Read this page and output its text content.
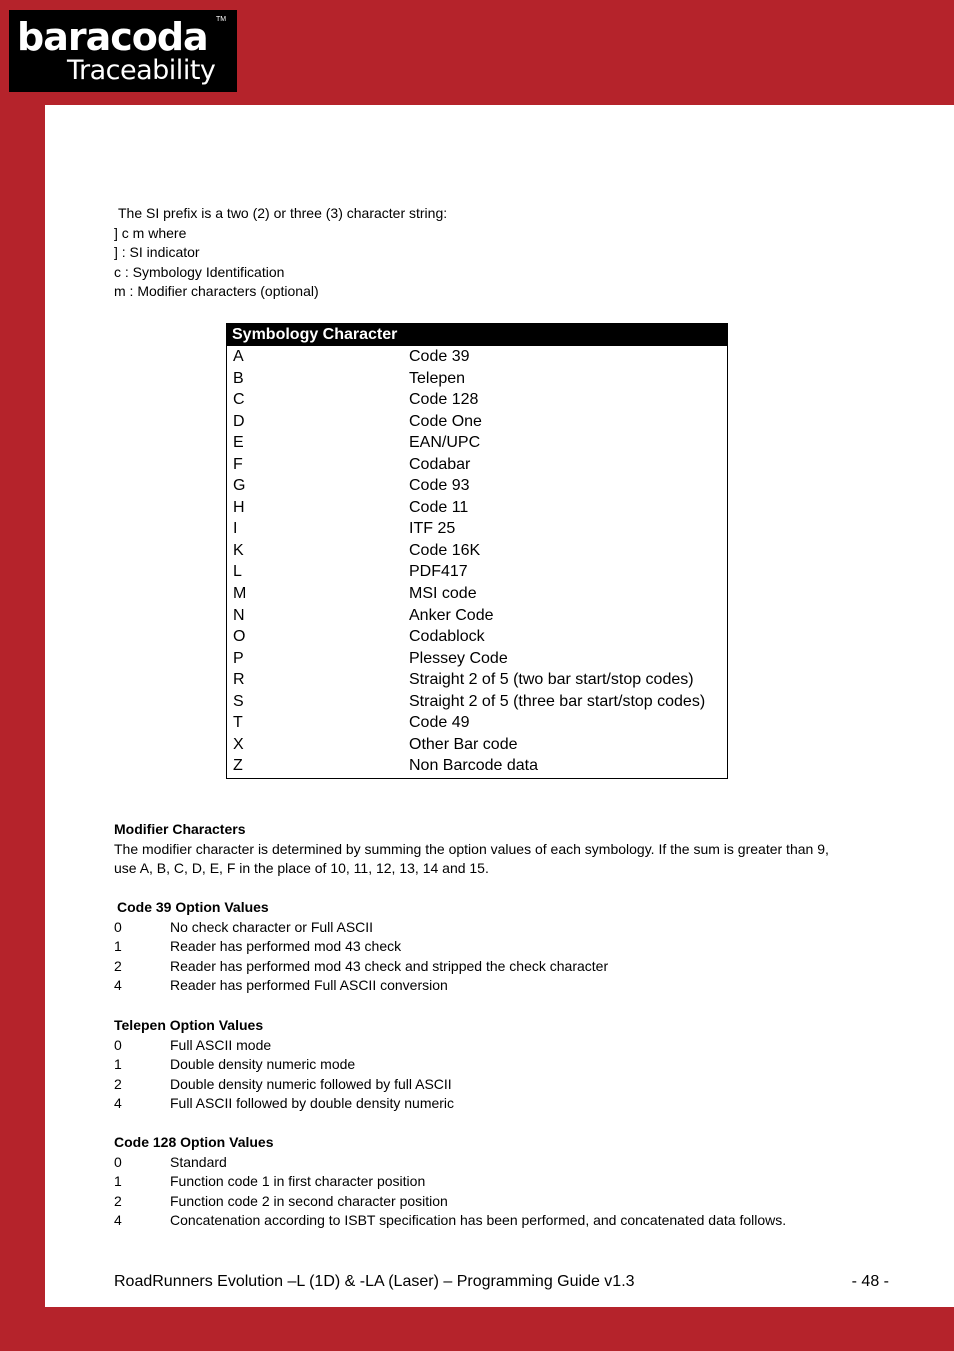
baracoda TM
Traceability
The SI prefix is a two (2) or three (3) character string:
] c m where
] : SI indicator
c : Symbology Identification
m : Modifier characters (optional)
Symbology Character
A	Code 39
B	Telepen
C	Code 128
D	Code One
E	EAN/UPC
F	Codabar
G	Code 93
H	Code 11
I	ITF 25
K	Code 16K
L	PDF417
M	MSI code
N	Anker Code
O	Codablock
P	Plessey Code
R	Straight 2 of 5 (two bar start/stop codes)
S	Straight 2 of 5 (three bar start/stop codes)
T	Code 49
X	Other Bar code
Z	Non Barcode data
Modifier Characters
The modifier character is determined by summing the option values of each symbology. If the sum is greater than 9, use A, B, C, D, E, F in the place of 10, 11, 12, 13, 14 and 15.
Code 39 Option Values
0	No check character or Full ASCII
1	Reader has performed mod 43 check
2	Reader has performed mod 43 check and stripped the check character
4	Reader has performed Full ASCII conversion
Telepen Option Values
0	Full ASCII mode
1	Double density numeric mode
2	Double density numeric followed by full ASCII
4	Full ASCII followed by double density numeric
Code 128 Option Values
0	Standard
1	Function code 1 in first character position
2	Function code 2 in second character position
4	Concatenation according to ISBT specification has been performed, and concatenated data follows.
RoadRunners Evolution –L (1D) & -LA (Laser) – Programming Guide v1.3	- 48 -
